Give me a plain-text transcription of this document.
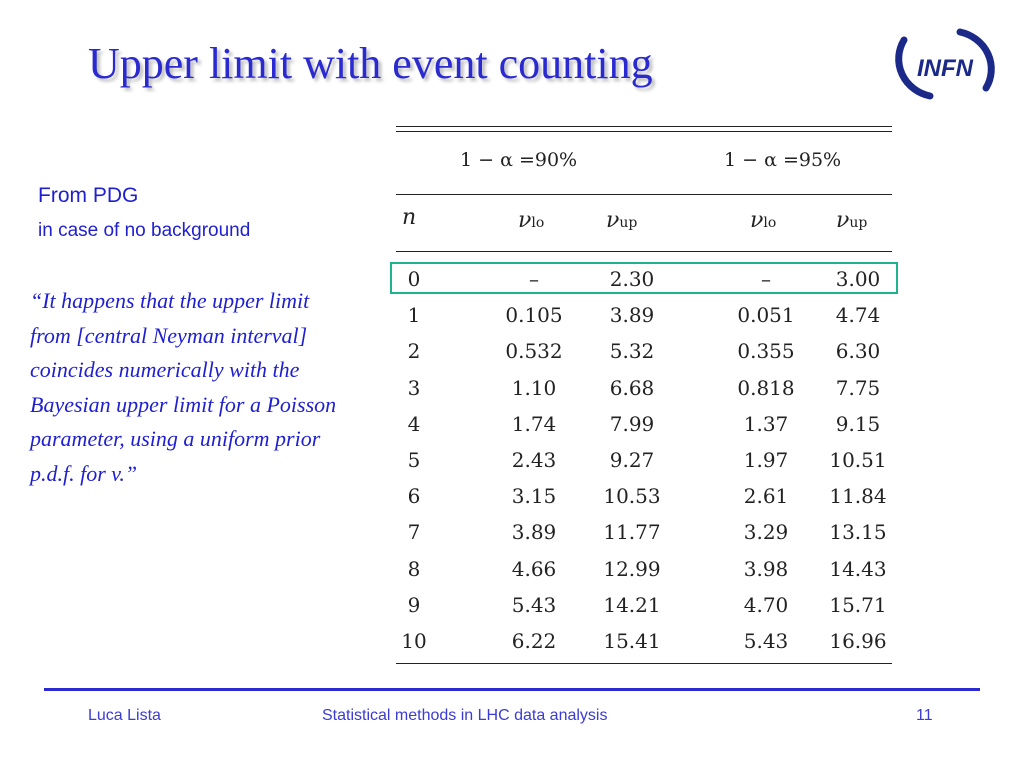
Upper limit with event counting	INFN
From PDG
in case of no background
“It happens that the upper limit from [central Neyman interval] coincides numerically with the Bayesian upper limit for a Poisson parameter, using a uniform prior p.d.f. for v.”
1 − α =90%	1 − α =95%
n	νlo	νup	νlo	νup
0	–	2.30	–	3.00
1	0.105	3.89	0.051	4.74
2	0.532	5.32	0.355	6.30
3	1.10	6.68	0.818	7.75
4	1.74	7.99	1.37	9.15
5	2.43	9.27	1.97	10.51
6	3.15	10.53	2.61	11.84
7	3.89	11.77	3.29	13.15
8	4.66	12.99	3.98	14.43
9	5.43	14.21	4.70	15.71
10	6.22	15.41	5.43	16.96
Luca Lista	Statistical methods in LHC data analysis	11
